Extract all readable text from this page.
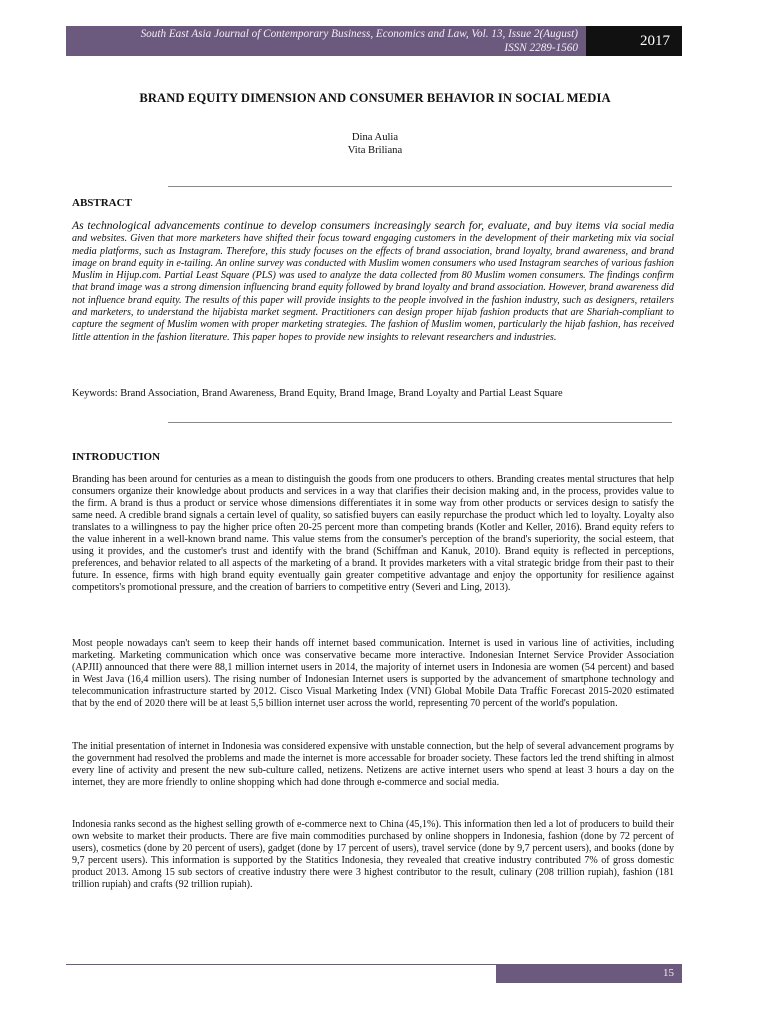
South East Asia Journal of Contemporary Business, Economics and Law, Vol. 13, Issue 2(August)
ISSN 2289-1560	2017
BRAND EQUITY DIMENSION AND CONSUMER BEHAVIOR IN SOCIAL MEDIA
Dina Aulia
Vita Briliana
ABSTRACT
As technological advancements continue to develop consumers increasingly search for, evaluate, and buy items via social media and websites. Given that more marketers have shifted their focus toward engaging customers in the development of their marketing mix via social media platforms, such as Instagram. Therefore, this study focuses on the effects of brand association, brand loyalty, brand awareness, and brand image on brand equity in e-tailing. An online survey was conducted with Muslim women consumers who used Instagram searches of various fashion Muslim in Hijup.com. Partial Least Square (PLS) was used to analyze the data collected from 80 Muslim women consumers. The findings confirm that brand image was a strong dimension influencing brand equity followed by brand loyalty and brand association. However, brand awareness did not influence brand equity. The results of this paper will provide insights to the people involved in the fashion industry, such as designers, retailers and marketers, to understand the hijabista market segment. Practitioners can design proper hijab fashion products that are Shariah-compliant to capture the segment of Muslim women with proper marketing strategies. The fashion of Muslim women, particularly the hijab fashion, has received little attention in the fashion literature. This paper hopes to provide new insights to relevant researchers and industries.
Keywords: Brand Association, Brand Awareness, Brand Equity, Brand Image, Brand Loyalty and Partial Least Square
INTRODUCTION

Branding has been around for centuries as a mean to distinguish the goods from one producers to others. Branding creates mental structures that help consumers organize their knowledge about products and services in a way that clarifies their decision making and, in the process, provides value to the firm. A brand is thus a product or service whose dimensions differentiates it in some way from other products or services design to satisfy the same need. A credible brand signals a certain level of quality, so satisfied buyers can easily repurchase the product which led to loyalty. Loyalty also translates to a willingness to pay the higher price often 20-25 percent more than competing brands (Kotler and Keller, 2016). Brand equity refers to the value inherent in a well-known brand name. This value stems from the consumer's perception of the brand's superiority, the social esteem, that using it provides, and the customer's trust and identify with the brand (Schiffman and Kanuk, 2010). Brand equity is reflected in perceptions, preferences, and behavior related to all aspects of the marketing of a brand. It provides marketers with a vital strategic bridge from their past to their future. In essence, firms with high brand equity eventually gain greater competitive advantage and enjoy the opportunity for resilience against competitors's promotional pressure, and the creation of barriers to competitive entry (Severi and Ling, 2013).

Most people nowadays can't seem to keep their hands off internet based communication. Internet is used in various line of activities, including marketing. Marketing communication which once was conservative became more interactive. Indonesian Internet Service Provider Association (APJII) announced that there were 88,1 million internet users in 2014, the majority of internet users in Indonesia are women (54 percent) and based in West Java (16,4 million users). The rising number of Indonesian Internet users is supported by the advancement of smartphone technology and telecommunication infrastructure started by 2012. Cisco Visual Marketing Index (VNI) Global Mobile Data Traffic Forecast 2015-2020 estimated that by the end of 2020 there will be at least 5,5 billion internet user across the world, representing 70 percent of the world's population.

The initial presentation of internet in Indonesia was considered expensive with unstable connection, but the help of several advancement programs by the government had resolved the problems and made the internet is more accessable for broader society. These factors led the trend shifting in almost every line of activity and present the new sub-culture called, netizens. Netizens are active internet users who spend at least 3 hours a day on the internet, they are more friendly to online shopping which had done through e-commerce and social media.

Indonesia ranks second as the highest selling growth of e-commerce next to China (45,1%). This information then led a lot of producers to build their own website to market their products. There are five main commodities purchased by online shoppers in Indonesia, fashion (done by 72 percent of users), cosmetics (done by 20 percent of users), gadget (done by 17 percent of users), travel service (done by 9,7 percent users), and books (done by 9,7 percent users). This information is supported by the Statitics Indonesia, they revealed that creative industry contributed 7% of gross domestic product 2013. Among 15 sub sectors of creative industry there were 3 highest contributor to the result, culinary (208 trillion rupiah), fashion (181 trillion rupiah) and crafts (92 trillion rupiah).

15
